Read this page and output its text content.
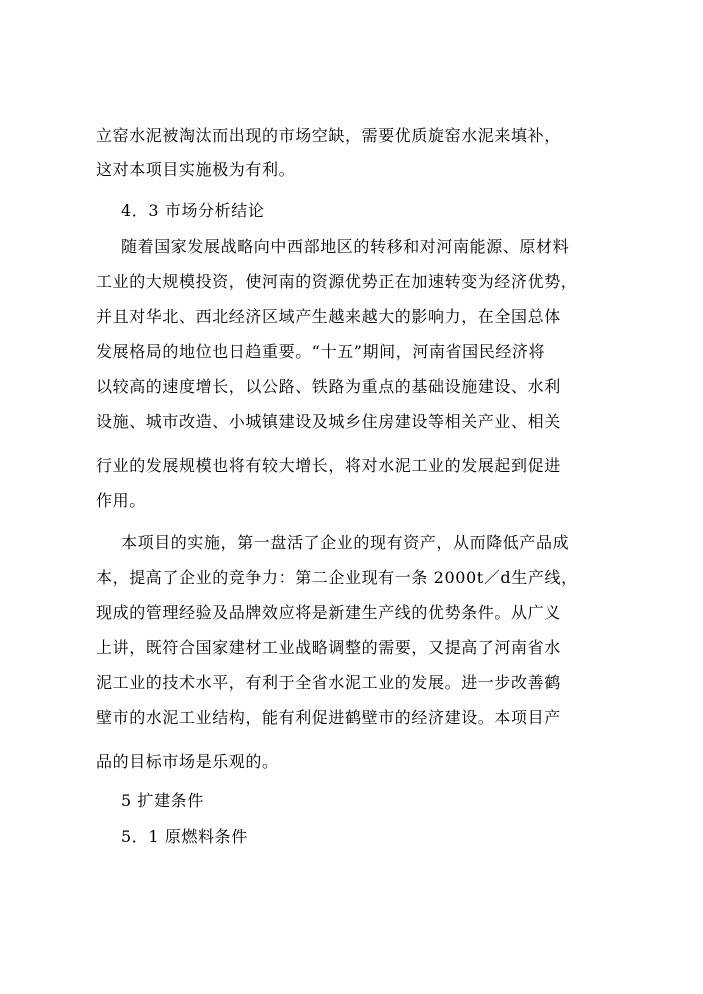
立窑水泥被淘汰而出现的市场空缺，需要优质旋窑水泥来填补，
这对本项目实施极为有利。
4．3 市场分析结论
随着国家发展战略向中西部地区的转移和对河南能源、原材料
工业的大规模投资，使河南的资源优势正在加速转变为经济优势，
并且对华北、西北经济区域产生越来越大的影响力，在全国总体
发展格局的地位也日趋重要。“十五”期间，河南省国民经济将
以较高的速度增长，以公路、铁路为重点的基础设施建设、水利
设施、城市改造、小城镇建设及城乡住房建设等相关产业、相关
行业的发展规模也将有较大增长，将对水泥工业的发展起到促进
作用。
本项目的实施，第一盘活了企业的现有资产，从而降低产品成
本，提高了企业的竞争力：第二企业现有一条 2000t／d生产线，
现成的管理经验及品牌效应将是新建生产线的优势条件。从广义
上讲，既符合国家建材工业战略调整的需要，又提高了河南省水
泥工业的技术水平，有利于全省水泥工业的发展。进一步改善鹤
壁市的水泥工业结构，能有利促进鹤壁市的经济建设。本项目产
品的目标市场是乐观的。
5 扩建条件
5．1 原燃料条件
